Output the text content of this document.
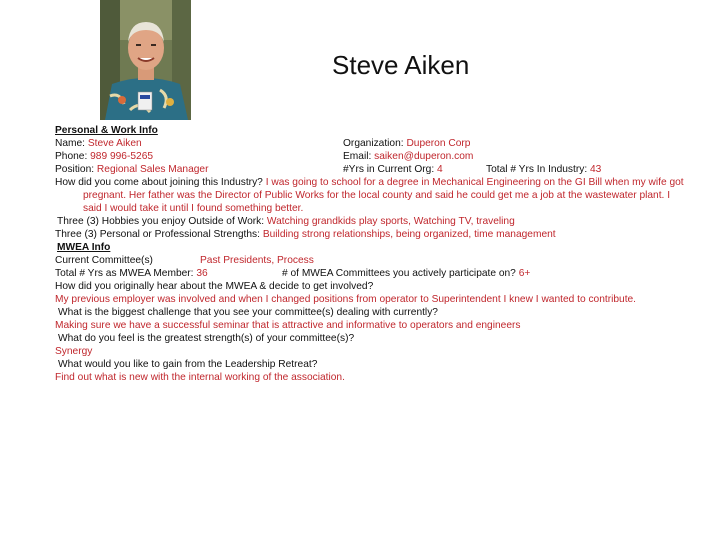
Steve Aiken
Personal & Work Info
Name: Steve Aiken	Organization: Duperon Corp
Phone: 989 996-5265	Email: saiken@duperon.com
Position: Regional Sales Manager	#Yrs in Current Org: 4	Total # Yrs In Industry: 43
How did you come about joining this Industry? I was going to school for a degree in Mechanical Engineering on the GI Bill when my wife got pregnant. Her father was the Director of Public Works for the local county and said he could get me a job at the wastewater plant. I said I would take it until I found something better.
Three (3) Hobbies you enjoy Outside of Work: Watching grandkids play sports, Watching TV, traveling
Three (3) Personal or Professional Strengths: Building strong relationships, being organized, time management
MWEA Info
Current Committee(s)	Past Presidents, Process
Total # Yrs as MWEA Member: 36	# of MWEA Committees you actively participate on? 6+
How did you originally hear about the MWEA & decide to get involved?
My previous employer was involved and when I changed positions from operator to Superintendent I knew I wanted to contribute.
What is the biggest challenge that you see your committee(s) dealing with currently?
Making sure we have a successful seminar that is attractive and informative to operators and engineers
What do you feel is the greatest strength(s) of your committee(s)?
Synergy
What would you like to gain from the Leadership Retreat?
Find out what is new with the internal working of the association.
